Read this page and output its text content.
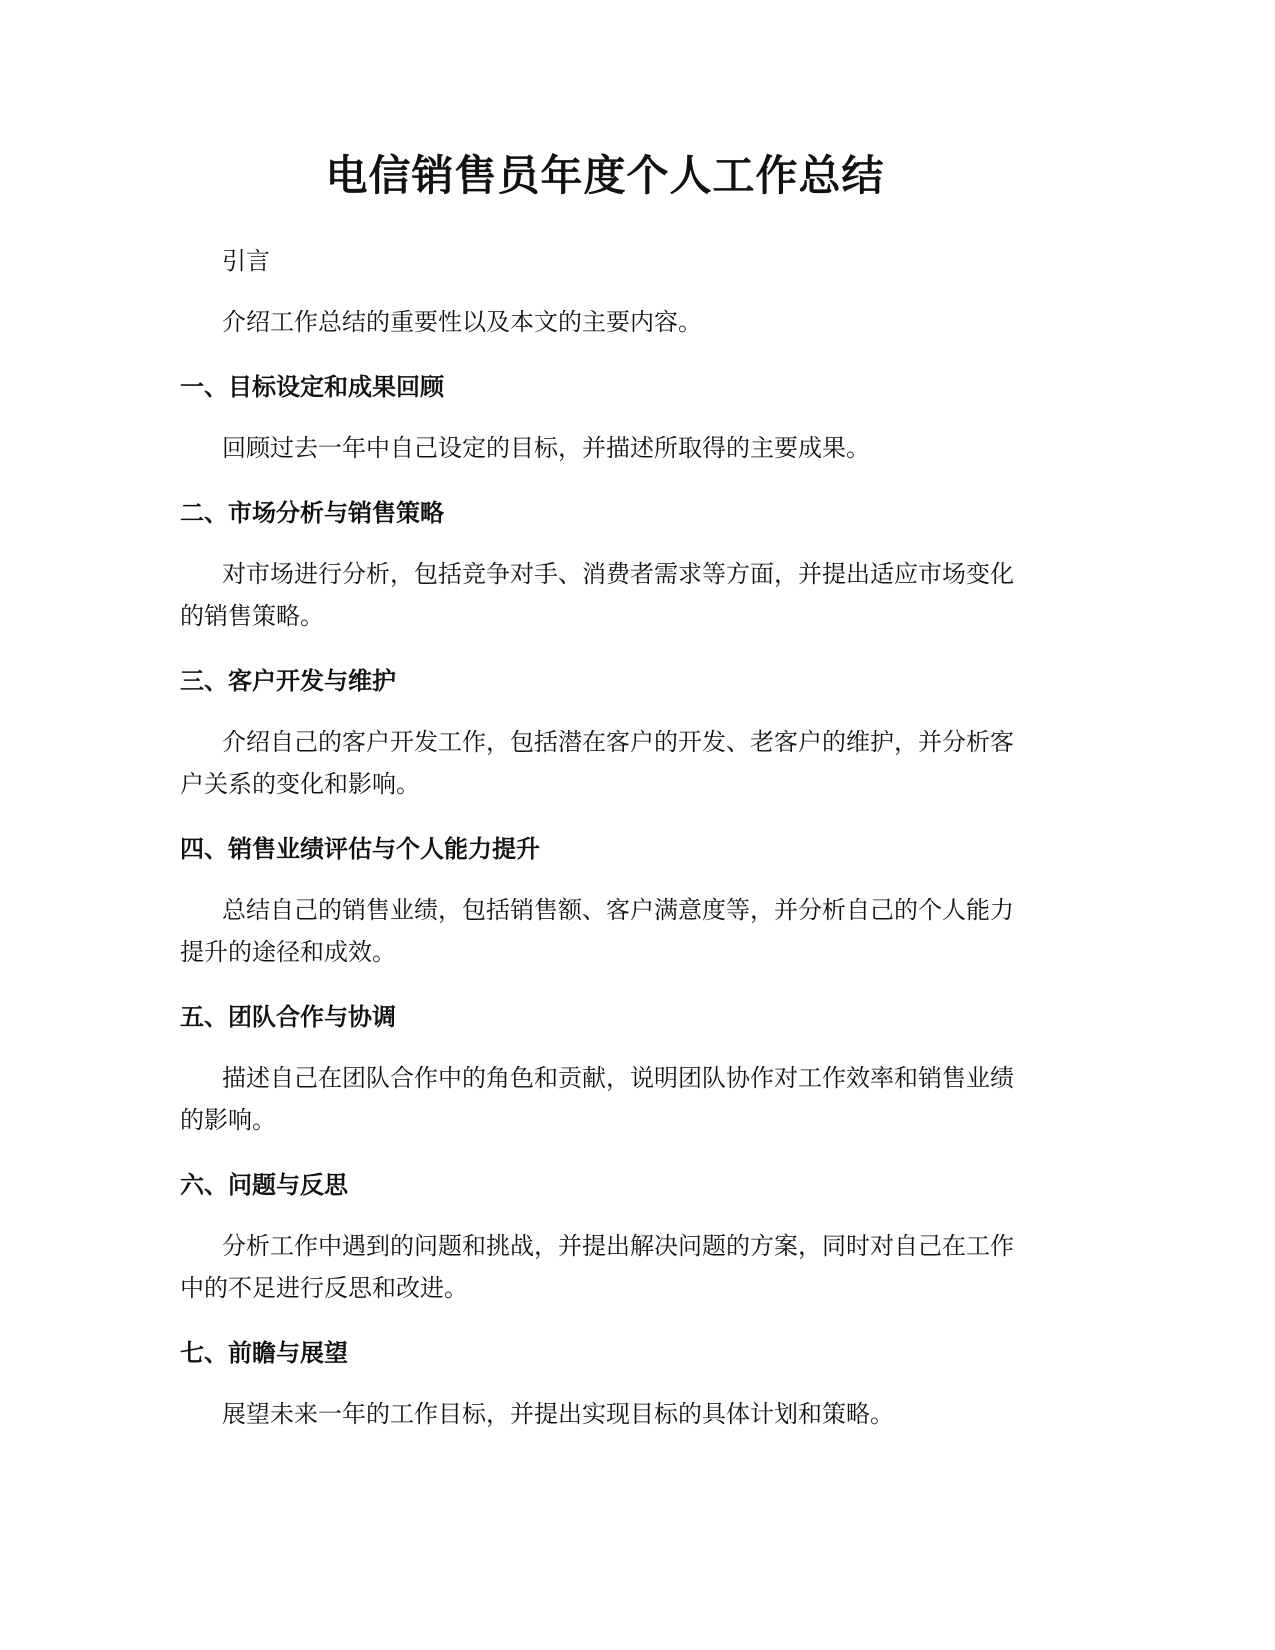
电信销售员年度个人工作总结

引言

介绍工作总结的重要性以及本文的主要内容。

一、目标设定和成果回顾

回顾过去一年中自己设定的目标，并描述所取得的主要成果。

二、市场分析与销售策略

对市场进行分析，包括竞争对手、消费者需求等方面，并提出适应市场变化的销售策略。

三、客户开发与维护

介绍自己的客户开发工作，包括潜在客户的开发、老客户的维护，并分析客户关系的变化和影响。

四、销售业绩评估与个人能力提升

总结自己的销售业绩，包括销售额、客户满意度等，并分析自己的个人能力提升的途径和成效。

五、团队合作与协调

描述自己在团队合作中的角色和贡献，说明团队协作对工作效率和销售业绩的影响。

六、问题与反思

分析工作中遇到的问题和挑战，并提出解决问题的方案，同时对自己在工作中的不足进行反思和改进。

七、前瞻与展望

展望未来一年的工作目标，并提出实现目标的具体计划和策略。
